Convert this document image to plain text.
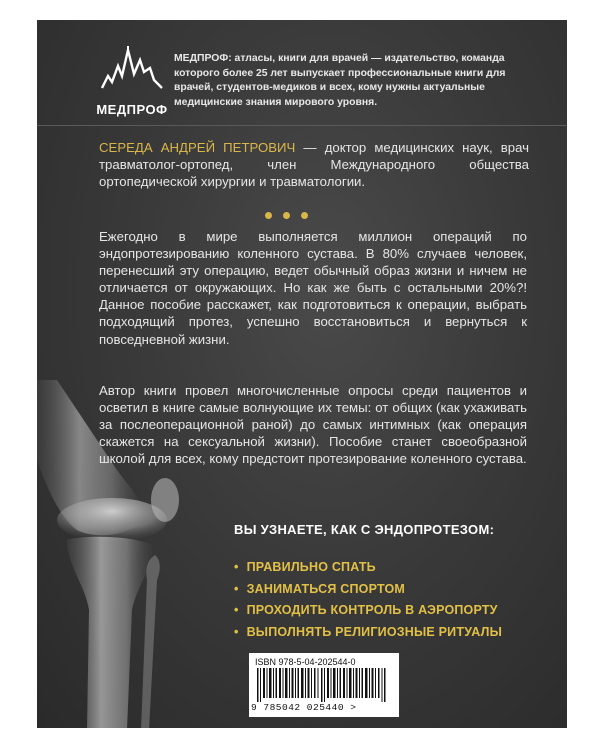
МЕДПРОФ
МЕДПРОФ: атласы, книги для врачей — издательство, команда которого более 25 лет выпускает профессиональные книги для врачей, студентов-медиков и всех, кому нужны актуальные медицинские знания мирового уровня.
СЕРЕДА АНДРЕЙ ПЕТРОВИЧ — доктор медицинских наук, врач травматолог-ортопед, член Международного общества ортопедической хирургии и травматологии.
Ежегодно в мире выполняется миллион операций по эндопротезированию коленного сустава. В 80% случаев человек, перенесший эту операцию, ведет обычный образ жизни и ничем не отличается от окружающих. Но как же быть с остальными 20%?! Данное пособие расскажет, как подготовиться к операции, выбрать подходящий протез, успешно восстановиться и вернуться к повседневной жизни.
Автор книги провел многочисленные опросы среди пациентов и осветил в книге самые волнующие их темы: от общих (как ухаживать за послеоперационной раной) до самых интимных (как операция скажется на сексуальной жизни). Пособие станет своеобразной школой для всех, кому предстоит протезирование коленного сустава.
ВЫ УЗНАЕТЕ, КАК С ЭНДОПРОТЕЗОМ:
• ПРАВИЛЬНО СПАТЬ
• ЗАНИМАТЬСЯ СПОРТОМ
• ПРОХОДИТЬ КОНТРОЛЬ В АЭРОПОРТУ
• ВЫПОЛНЯТЬ РЕЛИГИОЗНЫЕ РИТУАЛЫ
ISBN 978-5-04-202544-0
9 785042 025440 >
